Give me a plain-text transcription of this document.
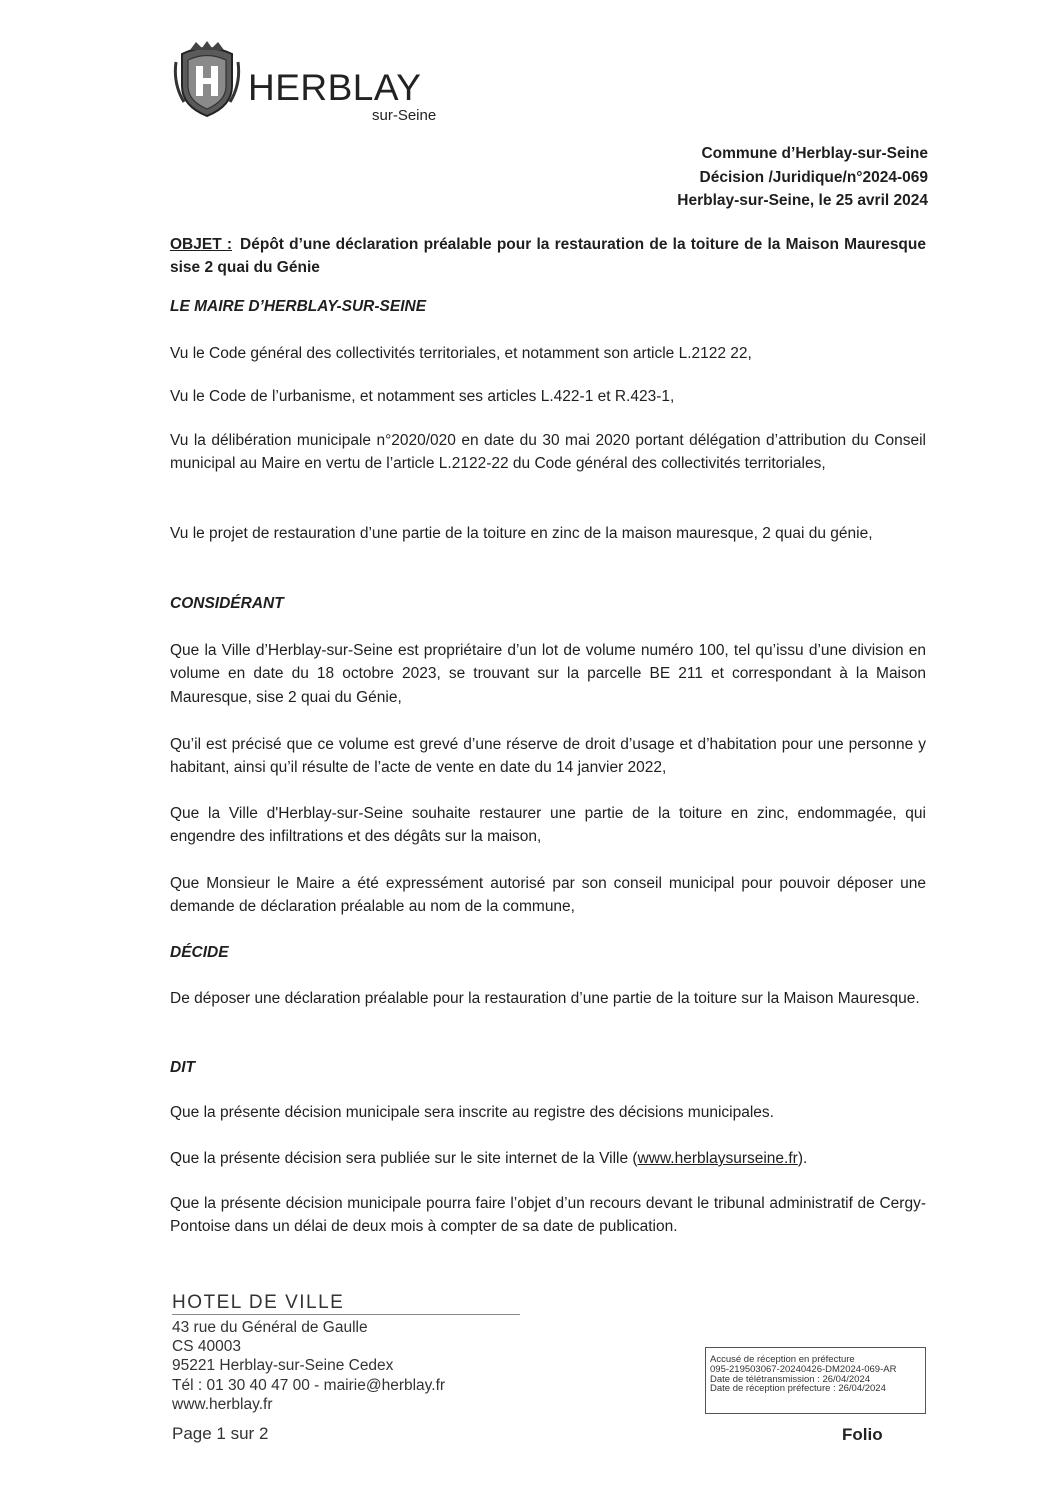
HERBLAY
sur-Seine
Commune d’Herblay-sur-Seine
Décision /Juridique/n°2024-069
Herblay-sur-Seine, le 25 avril 2024
OBJET : Dépôt d’une déclaration préalable pour la restauration de la toiture de la Maison Mauresque sise 2 quai du Génie
LE MAIRE D’HERBLAY-SUR-SEINE
Vu le Code général des collectivités territoriales, et notamment son article L.2122 22,
Vu le Code de l’urbanisme, et notamment ses articles L.422-1 et R.423-1,
Vu la délibération municipale n°2020/020 en date du 30 mai 2020 portant délégation d’attribution du Conseil municipal au Maire en vertu de l’article L.2122-22 du Code général des collectivités territoriales,
Vu le projet de restauration d’une partie de la toiture en zinc de la maison mauresque, 2 quai du génie,
CONSIDÉRANT
Que la Ville d’Herblay-sur-Seine est propriétaire d’un lot de volume numéro 100, tel qu’issu d’une division en volume en date du 18 octobre 2023, se trouvant sur la parcelle BE 211 et correspondant à la Maison Mauresque, sise 2 quai du Génie,
Qu’il est précisé que ce volume est grevé d’une réserve de droit d’usage et d’habitation pour une personne y habitant, ainsi qu’il résulte de l’acte de vente en date du 14 janvier 2022,
Que la Ville d'Herblay-sur-Seine souhaite restaurer une partie de la toiture en zinc, endommagée, qui engendre des infiltrations et des dégâts sur la maison,
Que Monsieur le Maire a été expressément autorisé par son conseil municipal pour pouvoir déposer une demande de déclaration préalable au nom de la commune,
DÉCIDE
De déposer une déclaration préalable pour la restauration d’une partie de la toiture sur la Maison Mauresque.
DIT
Que la présente décision municipale sera inscrite au registre des décisions municipales.
Que la présente décision sera publiée sur le site internet de la Ville (www.herblaysurseine.fr).
Que la présente décision municipale pourra faire l’objet d’un recours devant le tribunal administratif de Cergy-Pontoise dans un délai de deux mois à compter de sa date de publication.
HOTEL DE VILLE
43 rue du Général de Gaulle
CS 40003
95221 Herblay-sur-Seine Cedex
Tél : 01 30 40 47 00 - mairie@herblay.fr
www.herblay.fr
Accusé de réception en préfecture
095-219503067-20240426-DM2024-069-AR
Date de télétransmission : 26/04/2024
Date de réception préfecture : 26/04/2024
Page 1 sur 2	Folio
